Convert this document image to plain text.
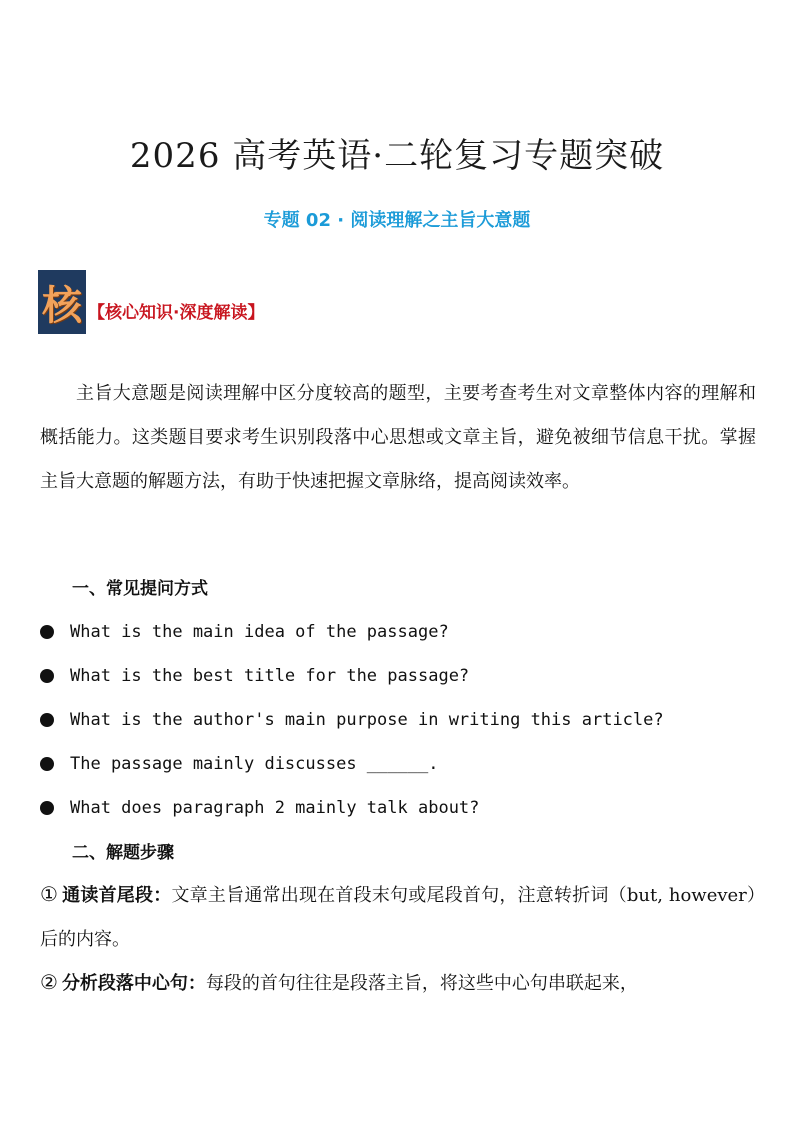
2026 高考英语·二轮复习专题突破
专题 02 · 阅读理解之主旨大意题
核 【核心知识·深度解读】

主旨大意题是阅读理解中区分度较高的题型，主要考查考生对文章整体内容的理解和概括能力。这类题目要求考生识别段落中心思想或文章主旨，避免被细节信息干扰。掌握主旨大意题的解题方法，有助于快速把握文章脉络，提高阅读效率。

一、常见提问方式
What is the main idea of the passage?
What is the best title for the passage?
What is the author's main purpose in writing this article?
The passage mainly discusses ______.
What does paragraph 2 mainly talk about?
二、解题步骤
① 通读首尾段：文章主旨通常出现在首段末句或尾段首句，注意转折词（but, however）后的内容。
② 分析段落中心句：每段的首句往往是段落主旨，将这些中心句串联起来，
